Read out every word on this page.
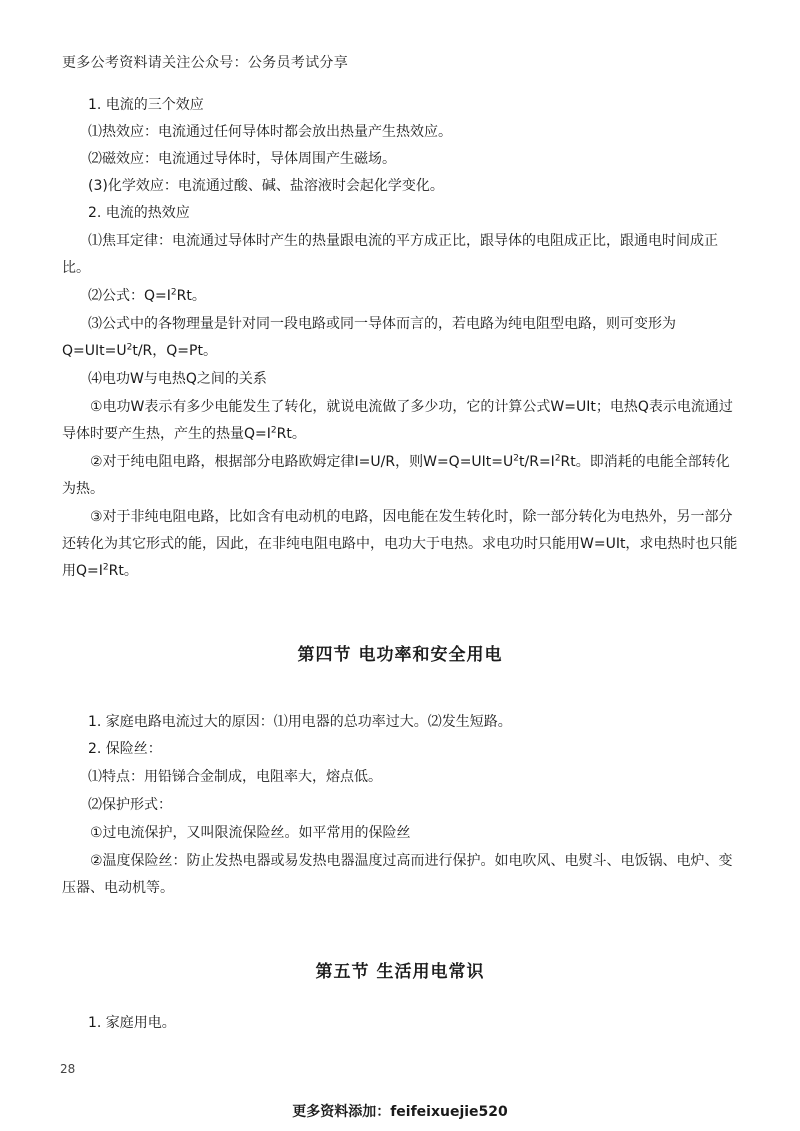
更多公考资料请关注公众号：公务员考试分享
1. 电流的三个效应
⑴热效应：电流通过任何导体时都会放出热量产生热效应。
⑵磁效应：电流通过导体时，导体周围产生磁场。
(3)化学效应：电流通过酸、碱、盐溶液时会起化学变化。
2. 电流的热效应
⑴焦耳定律：电流通过导体时产生的热量跟电流的平方成正比，跟导体的电阻成正比，跟通电时间成正比。
⑵公式：$Q=I^2Rt$。
⑶公式中的各物理量是针对同一段电路或同一导体而言的，若电路为纯电阻型电路，则可变形为$Q=UIt=U^2t/R$，Q=Pt。
⑷电功W与电热Q之间的关系
①电功W表示有多少电能发生了转化，就说电流做了多少功，它的计算公式W=UIt；电热Q表示电流通过导体时要产生热，产生的热量$Q=I^2Rt$。
②对于纯电阻电路，根据部分电路欧姆定律I=U/R，则$W=Q=UIt=U^2t/R=I^2Rt$。即消耗的电能全部转化为热。
③对于非纯电阻电路，比如含有电动机的电路，因电能在发生转化时，除一部分转化为电热外，另一部分还转化为其它形式的能，因此，在非纯电阻电路中，电功大于电热。求电功时只能用W=UIt，求电热时也只能用$Q=I^2Rt$。
第四节 电功率和安全用电
1. 家庭电路电流过大的原因：⑴用电器的总功率过大。⑵发生短路。
2. 保险丝：
⑴特点：用铅锑合金制成，电阻率大，熔点低。
⑵保护形式：
①过电流保护，又叫限流保险丝。如平常用的保险丝
②温度保险丝：防止发热电器或易发热电器温度过高而进行保护。如电吹风、电熨斗、电饭锅、电炉、变压器、电动机等。
第五节 生活用电常识
1. 家庭用电。
28
更多资料添加：feifeixuejie520
